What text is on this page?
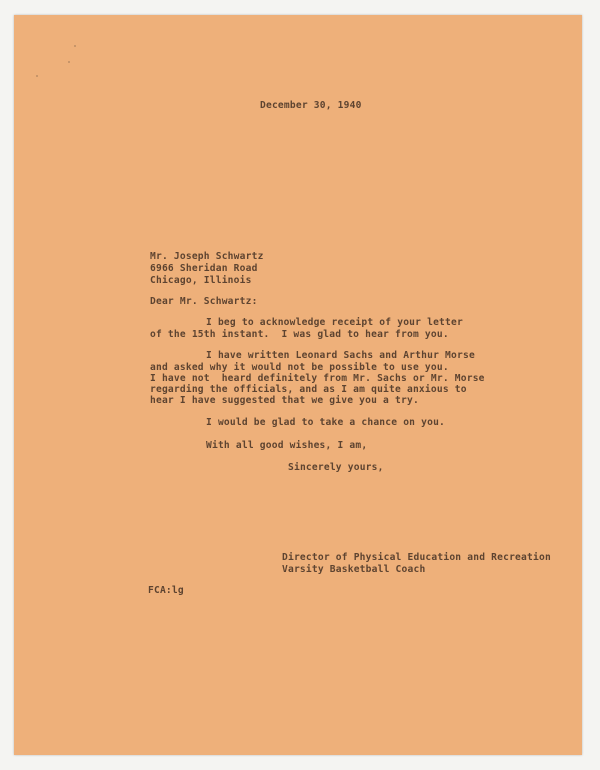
December 30, 1940
Mr. Joseph Schwartz
6966 Sheridan Road
Chicago, Illinois
Dear Mr. Schwartz:
I beg to acknowledge receipt of your letter
of the 15th instant.  I was glad to hear from you.
I have written Leonard Sachs and Arthur Morse
and asked why it would not be possible to use you.
I have not  heard definitely from Mr. Sachs or Mr. Morse
regarding the officials, and as I am quite anxious to
hear I have suggested that we give you a try.
I would be glad to take a chance on you.
With all good wishes, I am,
Sincerely yours,
Director of Physical Education and Recreation
Varsity Basketball Coach
FCA:lg
